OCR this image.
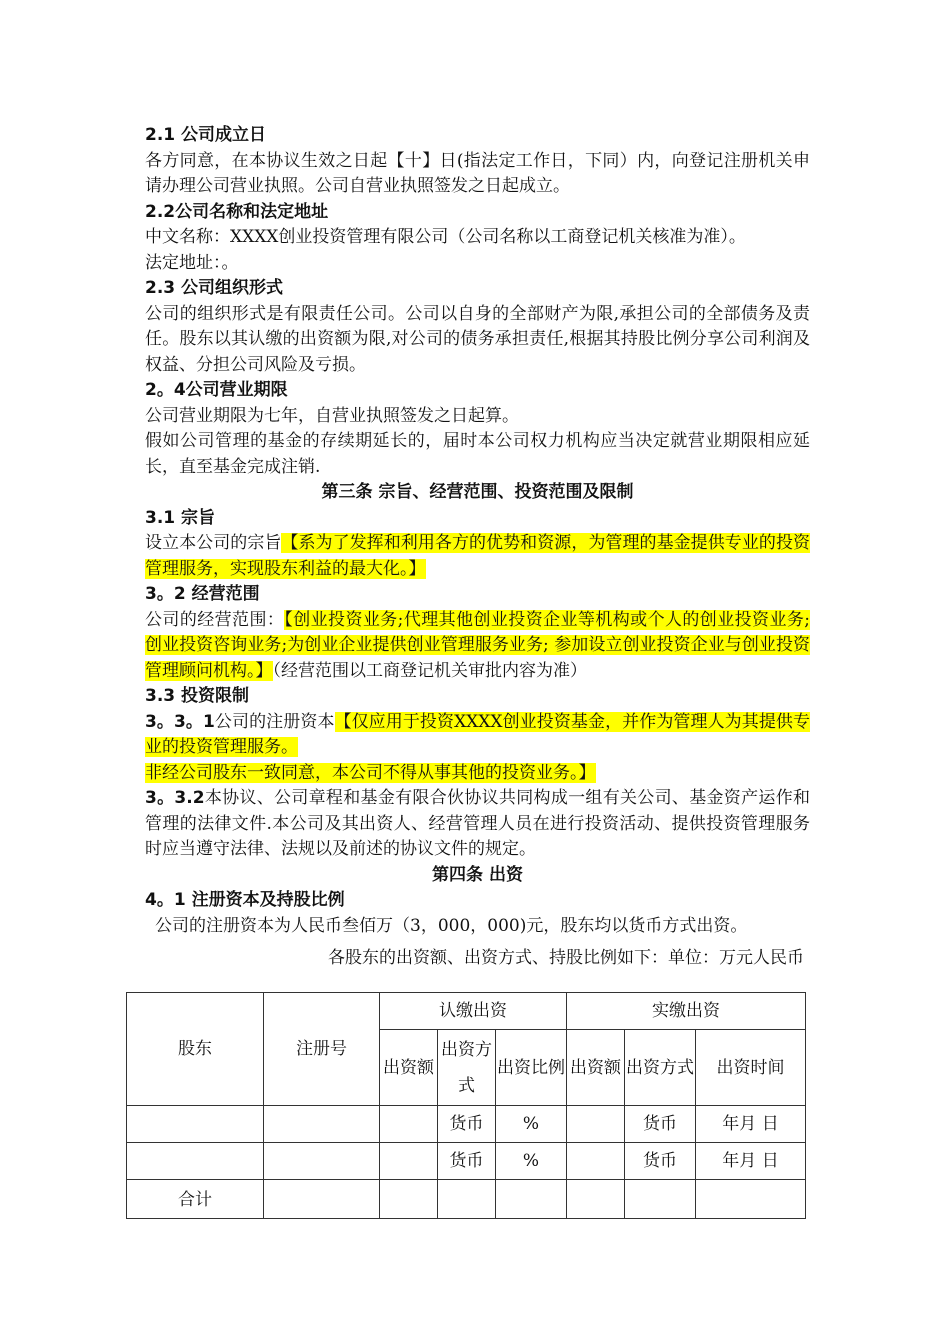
2.1 公司成立日
各方同意，在本协议生效之日起【十】日(指法定工作日，下同）内，向登记注册机关申请办理公司营业执照。公司自营业执照签发之日起成立。
2.2公司名称和法定地址
中文名称：XXXX创业投资管理有限公司（公司名称以工商登记机关核准为准）。
法定地址：。
2.3 公司组织形式
公司的组织形式是有限责任公司。公司以自身的全部财产为限,承担公司的全部债务及责任。股东以其认缴的出资额为限,对公司的债务承担责任,根据其持股比例分享公司利润及权益、分担公司风险及亏损。
2。4公司营业期限
公司营业期限为七年，自营业执照签发之日起算。
假如公司管理的基金的存续期延长的，届时本公司权力机构应当决定就营业期限相应延长，直至基金完成注销.
第三条 宗旨、经营范围、投资范围及限制
3.1 宗旨
设立本公司的宗旨【系为了发挥和利用各方的优势和资源，为管理的基金提供专业的投资管理服务，实现股东利益的最大化。】
3。2 经营范围
公司的经营范围：【创业投资业务;代理其他创业投资企业等机构或个人的创业投资业务; 创业投资咨询业务;为创业企业提供创业管理服务业务; 参加设立创业投资企业与创业投资管理顾问机构。】（经营范围以工商登记机关审批内容为准）
3.3 投资限制
3。3。1公司的注册资本【仅应用于投资XXXX创业投资基金，并作为管理人为其提供专业的投资管理服务。
非经公司股东一致同意，本公司不得从事其他的投资业务。】
3。3.2本协议、公司章程和基金有限合伙协议共同构成一组有关公司、基金资产运作和管理的法律文件.本公司及其出资人、经营管理人员在进行投资活动、提供投资管理服务时应当遵守法律、法规以及前述的协议文件的规定。
第四条 出资
4。1 注册资本及持股比例
公司的注册资本为人民币叁佰万（3，000，000)元，股东均以货币方式出资。
各股东的出资额、出资方式、持股比例如下：单位：万元人民币
股东	注册号	认缴出资			实缴出资		
		出资额	出资方式	出资比例	出资额	出资方式	出资时间
			货币	%		货币	年月 日
			货币	%		货币	年月 日
合计							
